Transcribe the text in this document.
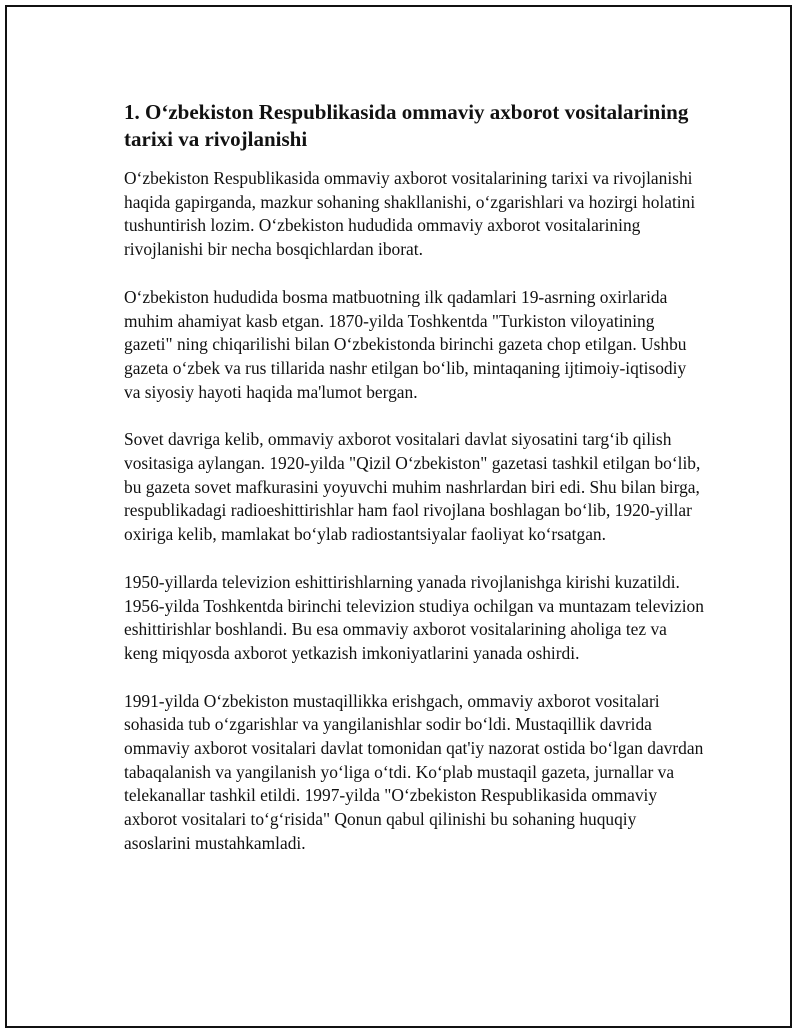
1. O‘zbekiston Respublikasida ommaviy axborot vositalarining tarixi va rivojlanishi

O‘zbekiston Respublikasida ommaviy axborot vositalarining tarixi va rivojlanishi haqida gapirganda, mazkur sohaning shakllanishi, o‘zgarishlari va hozirgi holatini tushuntirish lozim. O‘zbekiston hududida ommaviy axborot vositalarining rivojlanishi bir necha bosqichlardan iborat.

O‘zbekiston hududida bosma matbuotning ilk qadamlari 19-asrning oxirlarida muhim ahamiyat kasb etgan. 1870-yilda Toshkentda "Turkiston viloyatining gazeti" ning chiqarilishi bilan O‘zbekistonda birinchi gazeta chop etilgan. Ushbu gazeta o‘zbek va rus tillarida nashr etilgan bo‘lib, mintaqaning ijtimoiy-iqtisodiy va siyosiy hayoti haqida ma'lumot bergan.

Sovet davriga kelib, ommaviy axborot vositalari davlat siyosatini targ‘ib qilish vositasiga aylangan. 1920-yilda "Qizil O‘zbekiston" gazetasi tashkil etilgan bo‘lib, bu gazeta sovet mafkurasini yoyuvchi muhim nashrlardan biri edi. Shu bilan birga, respublikadagi radioeshittirishlar ham faol rivojlana boshlagan bo‘lib, 1920-yillar oxiriga kelib, mamlakat bo‘ylab radiostantsiyalar faoliyat ko‘rsatgan.

1950-yillarda televizion eshittirishlarning yanada rivojlanishga kirishi kuzatildi. 1956-yilda Toshkentda birinchi televizion studiya ochilgan va muntazam televizion eshittirishlar boshlandi. Bu esa ommaviy axborot vositalarining aholiga tez va keng miqyosda axborot yetkazish imkoniyatlarini yanada oshirdi.

1991-yilda O‘zbekiston mustaqillikka erishgach, ommaviy axborot vositalari sohasida tub o‘zgarishlar va yangilanishlar sodir bo‘ldi. Mustaqillik davrida ommaviy axborot vositalari davlat tomonidan qat'iy nazorat ostida bo‘lgan davrdan tabaqalanish va yangilanish yo‘liga o‘tdi. Ko‘plab mustaqil gazeta, jurnallar va telekanallar tashkil etildi. 1997-yilda "O‘zbekiston Respublikasida ommaviy axborot vositalari to‘g‘risida" Qonun qabul qilinishi bu sohaning huquqiy asoslarini mustahkamladi.
